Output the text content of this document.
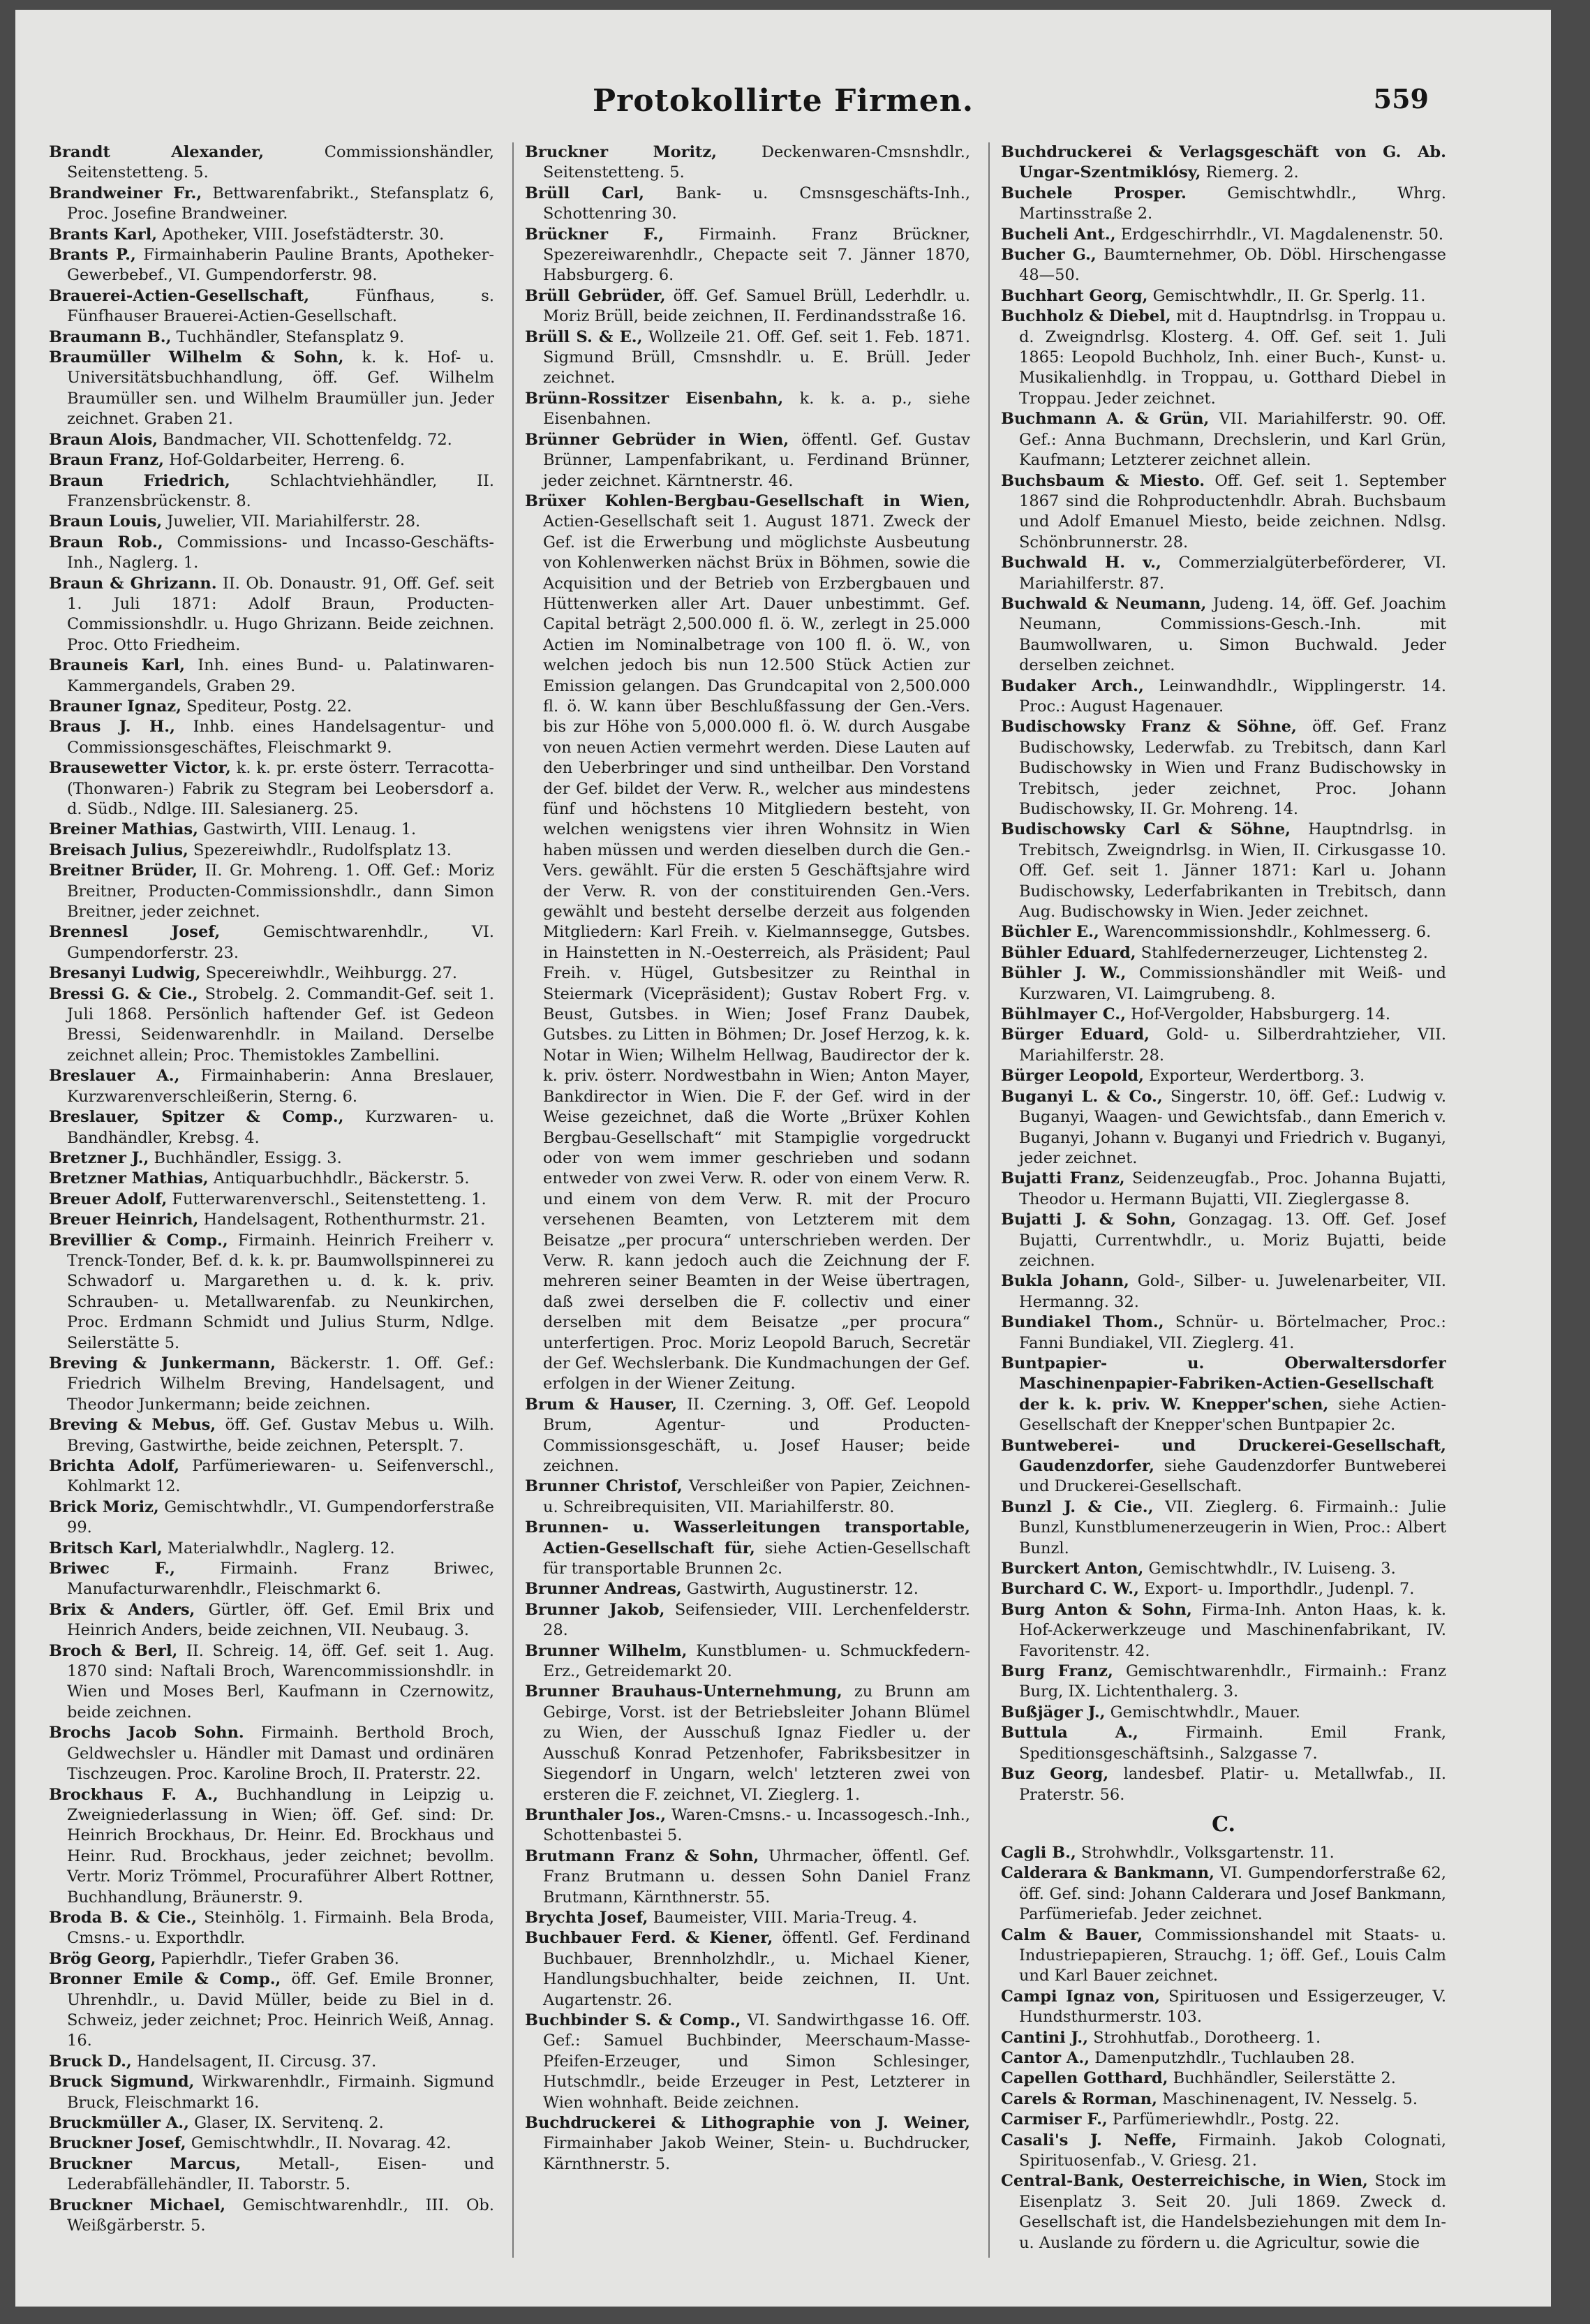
Protokollirte Firmen.	559

Brandt Alexander,	Commissionshändler, Seitenstetteng. 5.

Brandweiner Fr., Bettwarenfabrikt., Stefansplatz 6, Proc. Josefine Brandweiner.

Brants Karl, Apotheker, VIII. Josefstädterstr. 30.

Brants P., Firmainhaberin Pauline Brants, Apotheker-Gewerbebef., VI. Gumpendorferstr. 98.

Brauerei-Actien-Gesellschaft,	Fünfhaus, s. Fünfhauser Brauerei-Actien-Gesellschaft.

Braumann B., Tuchhändler, Stefansplatz 9.

Braumüller Wilhelm & Sohn, k. k. Hof- u. Universitätsbuchhandlung, öff. Gef. Wilhelm Braumüller sen. und Wilhelm Braumüller jun. Jeder zeichnet. Graben 21.

Braun Alois, Bandmacher, VII. Schottenfeldg. 72.

Braun Franz, Hof-Goldarbeiter, Herreng. 6.

Braun Friedrich,	Schlachtviehhändler, II. Franzensbrückenstr. 8.

Braun Louis, Juwelier, VII. Mariahilferstr. 28.

Braun Rob., Commissions- und Incasso-Geschäfts-Inh., Naglerg. 1.

Braun & Ghrizann. II. Ob. Donaustr. 91, Off. Gef. seit 1. Juli 1871: Adolf Braun, Producten-Commissionshdlr. u. Hugo Ghrizann. Beide zeichnen. Proc. Otto Friedheim.

Brauneis Karl, Inh. eines Bund- u. Palatinwaren-Kammergandels, Graben 29.

Brauner Ignaz, Spediteur, Postg. 22.

Braus J. H., Inhb. eines Handelsagentur- und Commissionsgeschäftes, Fleischmarkt 9.

Brausewetter Victor, k. k. pr. erste österr. Terracotta-(Thonwaren-) Fabrik zu Stegram bei Leobersdorf a. d. Südb., Ndlge. III. Salesianerg. 25.

Breiner Mathias, Gastwirth, VIII. Lenaug. 1.

Breisach Julius, Spezereiwhdlr., Rudolfsplatz 13.

Breitner Brüder, II. Gr. Mohreng. 1. Off. Gef.: Moriz Breitner, Producten-Commissionshdlr., dann Simon Breitner, jeder zeichnet.

Brennesl Josef,	Gemischtwarenhdlr., VI. Gumpendorferstr. 23.

Bresanyi Ludwig, Specereiwhdlr., Weihburgg. 27.

Bressi G. & Cie., Strobelg. 2. Commandit-Gef. seit 1. Juli 1868. Persönlich haftender Gef. ist Gedeon Bressi, Seidenwarenhdlr. in Mailand. Derselbe zeichnet allein; Proc. Themistokles Zambellini.

Breslauer A., Firmainhaberin: Anna Breslauer, Kurzwarenverschleißerin, Sterng. 6.

Breslauer, Spitzer & Comp., Kurzwaren- u. Bandhändler, Krebsg. 4.

Bretzner J., Buchhändler, Essigg. 3.

Bretzner Mathias, Antiquarbuchhdlr., Bäckerstr. 5.

Breuer Adolf, Futterwarenverschl., Seitenstetteng. 1.

Breuer Heinrich, Handelsagent, Rothenthurmstr. 21.

Brevillier & Comp., Firmainh. Heinrich Freiherr v. Trenck-Tonder, Bef. d. k. k. pr. Baumwollspinnerei zu Schwadorf u. Margarethen u. d. k. k. priv. Schrauben- u. Metallwarenfab. zu Neunkirchen, Proc. Erdmann Schmidt und Julius Sturm, Ndlge. Seilerstätte 5.

Breving & Junkermann, Bäckerstr. 1. Off. Gef.: Friedrich Wilhelm Breving, Handelsagent, und Theodor Junkermann; beide zeichnen.

Breving & Mebus, öff. Gef. Gustav Mebus u. Wilh. Breving, Gastwirthe, beide zeichnen, Petersplt. 7.

Brichta Adolf, Parfümeriewaren- u. Seifenverschl., Kohlmarkt 12.

Brick Moriz, Gemischtwhdlr., VI. Gumpendorferstraße 99.

Britsch Karl, Materialwhdlr., Naglerg. 12.

Briwec F.,	Firmainh. Franz Briwec, Manufacturwarenhdlr., Fleischmarkt 6.

Brix & Anders, Gürtler, öff. Gef. Emil Brix und Heinrich Anders, beide zeichnen, VII. Neubaug. 3.

Broch & Berl, II. Schreig. 14, öff. Gef. seit 1. Aug. 1870 sind: Naftali Broch, Warencommissionshdlr. in Wien und Moses Berl, Kaufmann in Czernowitz, beide zeichnen.

Brochs Jacob Sohn. Firmainh. Berthold Broch, Geldwechsler u. Händler mit Damast und ordinären Tischzeugen. Proc. Karoline Broch, II. Praterstr. 22.

Brockhaus F. A., Buchhandlung in Leipzig u. Zweigniederlassung in Wien; öff. Gef. sind: Dr. Heinrich Brockhaus, Dr. Heinr. Ed. Brockhaus und Heinr. Rud. Brockhaus, jeder zeichnet; bevollm. Vertr. Moriz Trömmel, Procuraführer Albert Rottner, Buchhandlung, Bräunerstr. 9.

Broda B. & Cie., Steinhölg. 1. Firmainh. Bela Broda, Cmsns.- u. Exporthdlr.

Brög Georg, Papierhdlr., Tiefer Graben 36.

Bronner Emile & Comp., öff. Gef. Emile Bronner, Uhrenhdlr., u. David Müller, beide zu Biel in d. Schweiz, jeder zeichnet; Proc. Heinrich Weiß, Annag. 16.

Bruck D., Handelsagent, II. Circusg. 37.

Bruck Sigmund, Wirkwarenhdlr., Firmainh. Sigmund Bruck, Fleischmarkt 16.

Bruckmüller A., Glaser, IX. Servitenq. 2.

Bruckner Josef, Gemischtwhdlr., II. Novarag. 42.

Bruckner Marcus, Metall-, Eisen- und Lederabfällehändler, II. Taborstr. 5.

Bruckner Michael, Gemischtwarenhdlr., III. Ob. Weißgärberstr. 5.

Bruckner Moritz,	Deckenwaren-Cmsnshdlr., Seitenstetteng. 5.

Brüll Carl, Bank- u. Cmsnsgeschäfts-Inh., Schottenring 30.

Brückner F., Firmainh. Franz Brückner, Spezereiwarenhdlr., Chepacte seit 7. Jänner 1870, Habsburgerg. 6.

Brüll Gebrüder, öff. Gef. Samuel Brüll, Lederhdlr. u. Moriz Brüll, beide zeichnen, II. Ferdinandsstraße 16.

Brüll S. & E., Wollzeile 21. Off. Gef. seit 1. Feb. 1871. Sigmund Brüll, Cmsnshdlr. u. E. Brüll. Jeder zeichnet.

Brünn-Rossitzer Eisenbahn, k. k. a. p., siehe Eisenbahnen.

Brünner Gebrüder in Wien, öffentl. Gef. Gustav Brünner, Lampenfabrikant, u. Ferdinand Brünner, jeder zeichnet. Kärntnerstr. 46.

Brüxer Kohlen-Bergbau-Gesellschaft in Wien, Actien-Gesellschaft seit 1. August 1871. Zweck der Gef. ist die Erwerbung und möglichste Ausbeutung von Kohlenwerken nächst Brüx in Böhmen, sowie die Acquisition und der Betrieb von Erzbergbauen und Hüttenwerken aller Art. Dauer unbestimmt. Gef. Capital beträgt 2,500.000 fl. ö. W., zerlegt in 25.000 Actien im Nominalbetrage von 100 fl. ö. W., von welchen jedoch bis nun 12.500 Stück Actien zur Emission gelangen. Das Grundcapital von 2,500.000 fl. ö. W. kann über Beschlußfassung der Gen.-Vers. bis zur Höhe von 5,000.000 fl. ö. W. durch Ausgabe von neuen Actien vermehrt werden. Diese Lauten auf den Ueberbringer und sind untheilbar. Den Vorstand der Gef. bildet der Verw. R., welcher aus mindestens fünf und höchstens 10 Mitgliedern besteht, von welchen wenigstens vier ihren Wohnsitz in Wien haben müssen und werden dieselben durch die Gen.-Vers. gewählt. Für die ersten 5 Geschäftsjahre wird der Verw. R. von der constituirenden Gen.-Vers. gewählt und besteht derselbe derzeit aus folgenden Mitgliedern: Karl Freih. v. Kielmannsegge, Gutsbes. in Hainstetten in N.-Oesterreich, als Präsident; Paul Freih. v. Hügel, Gutsbesitzer zu Reinthal in Steiermark (Vicepräsident); Gustav Robert Frg. v. Beust, Gutsbes. in Wien; Josef Franz Daubek, Gutsbes. zu Litten in Böhmen; Dr. Josef Herzog, k. k. Notar in Wien; Wilhelm Hellwag, Baudirector der k. k. priv. österr. Nordwestbahn in Wien; Anton Mayer, Bankdirector in Wien. Die F. der Gef. wird in der Weise gezeichnet, daß die Worte „Brüxer Kohlen Bergbau-Gesellschaft“ mit Stampiglie vorgedruckt oder von wem immer geschrieben und sodann entweder von zwei Verw. R. oder von einem Verw. R. und einem von dem Verw. R. mit der Procuro versehenen Beamten, von Letzterem mit dem Beisatze „per procura“ unterschrieben werden. Der Verw. R. kann jedoch auch die Zeichnung der F. mehreren seiner Beamten in der Weise übertragen, daß zwei derselben die F. collectiv und einer derselben mit dem Beisatze „per procura“ unterfertigen. Proc. Moriz Leopold Baruch, Secretär der Gef. Wechslerbank. Die Kundmachungen der Gef. erfolgen in der Wiener Zeitung.

Brum & Hauser, II. Czerning. 3, Off. Gef. Leopold Brum, Agentur- und Producten-Commissionsgeschäft, u. Josef Hauser; beide zeichnen.

Brunner Christof, Verschleißer von Papier, Zeichnen- u. Schreibrequisiten, VII. Mariahilferstr. 80.

Brunnen- u. Wasserleitungen transportable, Actien-Gesellschaft für, siehe Actien-Gesellschaft für transportable Brunnen 2c.

Brunner Andreas, Gastwirth, Augustinerstr. 12.

Brunner Jakob, Seifensieder, VIII. Lerchenfelderstr. 28.

Brunner Wilhelm, Kunstblumen- u. Schmuckfedern-Erz., Getreidemarkt 20.

Brunner Brauhaus-Unternehmung, zu Brunn am Gebirge, Vorst. ist der Betriebsleiter Johann Blümel zu Wien, der Ausschuß Ignaz Fiedler u. der Ausschuß Konrad Petzenhofer, Fabriksbesitzer in Siegendorf in Ungarn, welch' letzteren zwei von ersteren die F. zeichnet, VI. Zieglerg. 1.

Brunthaler Jos., Waren-Cmsns.- u. Incassogesch.-Inh., Schottenbastei 5.

Brutmann Franz & Sohn, Uhrmacher, öffentl. Gef. Franz Brutmann u. dessen Sohn Daniel Franz Brutmann, Kärnthnerstr. 55.

Brychta Josef, Baumeister, VIII. Maria-Treug. 4.

Buchbauer Ferd. & Kiener, öffentl. Gef. Ferdinand Buchbauer, Brennholzhdlr., u. Michael Kiener, Handlungsbuchhalter, beide zeichnen, II. Unt. Augartenstr. 26.

Buchbinder S. & Comp., VI. Sandwirthgasse 16. Off. Gef.: Samuel Buchbinder, Meerschaum-Masse-Pfeifen-Erzeuger, und Simon Schlesinger, Hutschmdlr., beide Erzeuger in Pest, Letzterer in Wien wohnhaft. Beide zeichnen.

Buchdruckerei & Lithographie von J. Weiner, Firmainhaber Jakob Weiner, Stein- u. Buchdrucker, Kärnthnerstr. 5.

Buchdruckerei & Verlagsgeschäft von G. Ab. Ungar-Szentmiklósy, Riemerg. 2.

Buchele Prosper.	Gemischtwhdlr., Whrg. Martinsstraße 2.

Bucheli Ant., Erdgeschirrhdlr., VI. Magdalenenstr. 50.

Bucher G., Baumternehmer, Ob. Döbl. Hirschengasse 48—50.

Buchhart Georg, Gemischtwhdlr., II. Gr. Sperlg. 11.

Buchholz & Diebel, mit d. Hauptndrlsg. in Troppau u. d. Zweigndrlsg. Klosterg. 4. Off. Gef. seit 1. Juli 1865: Leopold Buchholz, Inh. einer Buch-, Kunst- u. Musikalienhdlg. in Troppau, u. Gotthard Diebel in Troppau. Jeder zeichnet.

Buchmann A. & Grün, VII. Mariahilferstr. 90. Off. Gef.: Anna Buchmann, Drechslerin, und Karl Grün, Kaufmann; Letzterer zeichnet allein.

Buchsbaum & Miesto. Off. Gef. seit 1. September 1867 sind die Rohproductenhdlr. Abrah. Buchsbaum und Adolf Emanuel Miesto, beide zeichnen. Ndlsg. Schönbrunnerstr. 28.

Buchwald H. v., Commerzialgüterbeförderer, VI. Mariahilferstr. 87.

Buchwald & Neumann, Judeng. 14, öff. Gef. Joachim Neumann, Commissions-Gesch.-Inh. mit Baumwollwaren, u. Simon Buchwald. Jeder derselben zeichnet.

Budaker Arch., Leinwandhdlr., Wipplingerstr. 14. Proc.: August Hagenauer.

Budischowsky Franz & Söhne, öff. Gef. Franz Budischowsky, Lederwfab. zu Trebitsch, dann Karl Budischowsky in Wien und Franz Budischowsky in Trebitsch, jeder zeichnet, Proc. Johann Budischowsky, II. Gr. Mohreng. 14.

Budischowsky Carl & Söhne, Hauptndrlsg. in Trebitsch, Zweigndrlsg. in Wien, II. Cirkusgasse 10. Off. Gef. seit 1. Jänner 1871: Karl u. Johann Budischowsky, Lederfabrikanten in Trebitsch, dann Aug. Budischowsky in Wien. Jeder zeichnet.

Büchler E., Warencommissionshdlr., Kohlmesserg. 6.

Bühler Eduard, Stahlfedernerzeuger, Lichtensteg 2.

Bühler J. W., Commissionshändler mit Weiß- und Kurzwaren, VI. Laimgrubeng. 8.

Bühlmayer C., Hof-Vergolder, Habsburgerg. 14.

Bürger Eduard, Gold- u. Silberdrahtzieher, VII. Mariahilferstr. 28.

Bürger Leopold, Exporteur, Werdertborg. 3.

Buganyi L. & Co., Singerstr. 10, öff. Gef.: Ludwig v. Buganyi, Waagen- und Gewichtsfab., dann Emerich v. Buganyi, Johann v. Buganyi und Friedrich v. Buganyi, jeder zeichnet.

Bujatti Franz, Seidenzeugfab., Proc. Johanna Bujatti, Theodor u. Hermann Bujatti, VII. Zieglergasse 8.

Bujatti J. & Sohn, Gonzagag. 13. Off. Gef. Josef Bujatti, Currentwhdlr., u. Moriz Bujatti, beide zeichnen.

Bukla Johann, Gold-, Silber- u. Juwelenarbeiter, VII. Hermanng. 32.

Bundiakel Thom., Schnür- u. Börtelmacher, Proc.: Fanni Bundiakel, VII. Zieglerg. 41.

Buntpapier- u. Oberwaltersdorfer Maschinenpapier-Fabriken-Actien-Gesellschaft der k. k. priv. W. Knepper'schen, siehe Actien-Gesellschaft der Knepper'schen Buntpapier 2c.

Buntweberei- und Druckerei-Gesellschaft, Gaudenzdorfer, siehe Gaudenzdorfer Buntweberei und Druckerei-Gesellschaft.

Bunzl J. & Cie., VII. Zieglerg. 6. Firmainh.: Julie Bunzl, Kunstblumenerzeugerin in Wien, Proc.: Albert Bunzl.

Burckert Anton, Gemischtwhdlr., IV. Luiseng. 3.

Burchard C. W., Export- u. Importhdlr., Judenpl. 7.

Burg Anton & Sohn, Firma-Inh. Anton Haas, k. k. Hof-Ackerwerkzeuge und Maschinenfabrikant, IV. Favoritenstr. 42.

Burg Franz, Gemischtwarenhdlr., Firmainh.: Franz Burg, IX. Lichtenthalerg. 3.

Bußjäger J., Gemischtwhdlr., Mauer.

Buttula A.,	Firmainh. Emil Frank, Speditionsgeschäftsinh., Salzgasse 7.

Buz Georg, landesbef. Platir- u. Metallwfab., II. Praterstr. 56.

C.

Cagli B., Strohwhdlr., Volksgartenstr. 11.

Calderara & Bankmann, VI. Gumpendorferstraße 62, öff. Gef. sind: Johann Calderara und Josef Bankmann, Parfümeriefab. Jeder zeichnet.

Calm & Bauer, Commissionshandel mit Staats- u. Industriepapieren, Strauchg. 1; öff. Gef., Louis Calm und Karl Bauer zeichnet.

Campi Ignaz von, Spirituosen und Essigerzeuger, V. Hundsthurmerstr. 103.

Cantini J., Strohhutfab., Dorotheerg. 1.

Cantor A., Damenputzhdlr., Tuchlauben 28.

Capellen Gotthard, Buchhändler, Seilerstätte 2.

Carels & Rorman, Maschinenagent, IV. Nesselg. 5.

Carmiser F., Parfümeriewhdlr., Postg. 22.

Casali's J. Neffe, Firmainh. Jakob Colognati, Spirituosenfab., V. Griesg. 21.

Central-Bank, Oesterreichische, in Wien, Stock im Eisenplatz 3. Seit 20. Juli 1869. Zweck d. Gesellschaft ist, die Handelsbeziehungen mit dem In- u. Auslande zu fördern u. die Agricultur, sowie die
